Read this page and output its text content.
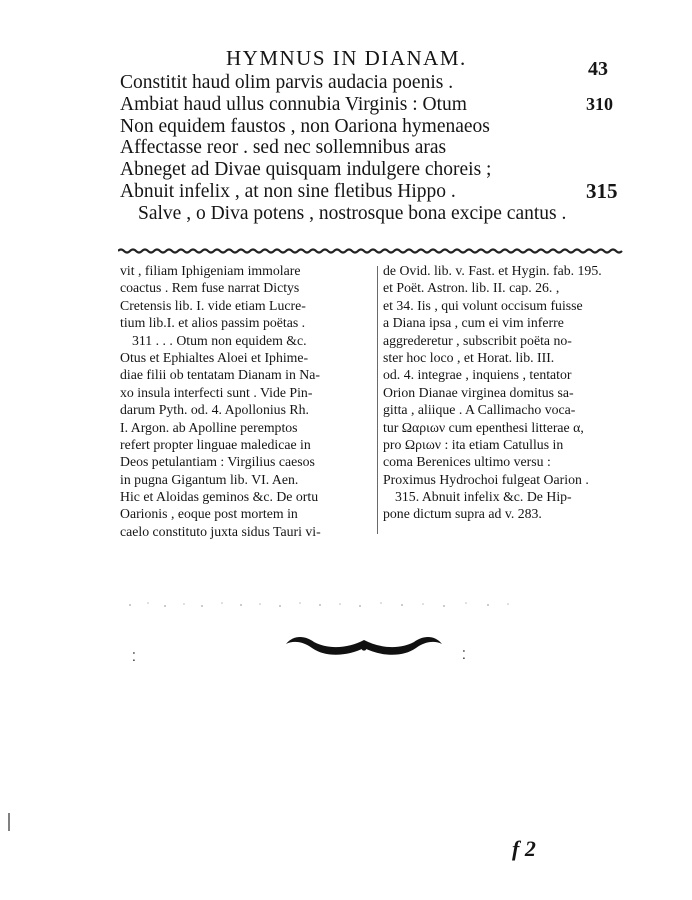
HYMNUS IN DIANAM.	43
Constitit haud olim parvis audacia poenis .
Ambiat haud ullus connubia Virginis : Otum	310
Non equidem faustos , non Oariona hymenaeos
Affectasse reor . sed nec sollemnibus aras
Abneget ad Divae quisquam indulgere choreis ;
Abnuit infelix , at non sine fletibus Hippo .	315
Salve , o Diva potens , nostrosque bona excipe cantus .
vit , filiam Iphigeniam immolare
coactus . Rem fuse narrat Dictys
Cretensis lib. I. vide etiam Lucre-
tium lib.I. et alios passim poëtas .
311 . . . Otum non equidem &c.
Otus et Ephialtes Aloei et Iphime-
diae filii ob tentatam Dianam in Na-
xo insula interfecti sunt . Vide Pin-
darum Pyth. od. 4. Apollonius Rh.
I. Argon. ab Apolline peremptos
refert propter linguae maledicae in
Deos petulantiam : Virgilius caesos
in pugna Gigantum lib. VI. Aen.
Hic et Aloidas geminos &c. De ortu
Oarionis , eoque post mortem in
caelo constituto juxta sidus Tauri vi-
de Ovid. lib. v. Fast. et Hygin. fab. 195.
et Poët. Astron. lib. II. cap. 26. ,
et 34. Iis , qui volunt occisum fuisse
a Diana ipsa , cum ei vim inferre
aggrederetur , subscribit poëta no-
ster hoc loco , et Horat. lib. III.
od. 4. integrae , inquiens , tentator
Orion Dianae virginea domitus sa-
gitta , aliique . A Callimacho voca-
tur Ωαριων cum epenthesi litterae α,
pro Ωριων : ita etiam Catullus in
coma Berenices ultimo versu :
Proximus Hydrochoi fulgeat Oarion .
315. Abnuit infelix &c. De Hip-
pone dictum supra ad v. 283.
⁚	⁚
f 2
